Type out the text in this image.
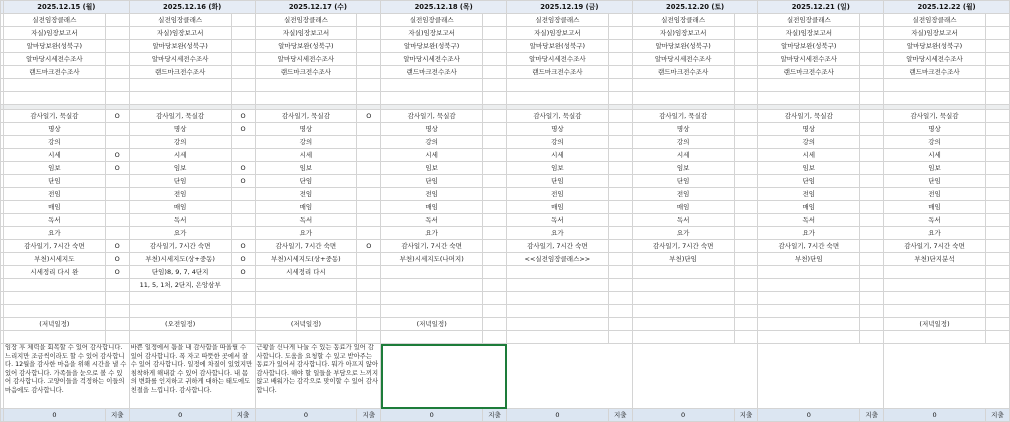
	2025.12.15 (월)		2025.12.16 (화)		2025.12.17 (수)		2025.12.18 (목)		2025.12.19 (금)		2025.12.20 (토)		2025.12.21 (일)		2025.12.22 (월)	
	실전임장클래스		실전임장클래스		실전임장클래스		실전임장클래스		실전임장클래스		실전임장클래스		실전임장클래스		실전임장클래스	
	자실)임장보고서		자실)임장보고서		자실)임장보고서		자실)임장보고서		자실)임장보고서		자실)임장보고서		자실)임장보고서		자실)임장보고서	
	알마당보완(성북구)		알마당보완(성북구)		알마당보완(성북구)		알마당보완(성북구)		알마당보완(성북구)		알마당보완(성북구)		알마당보완(성북구)		알마당보완(성북구)	
	알마당시세전수조사		알마당시세전수조사		알마당시세전수조사		알마당시세전수조사		알마당시세전수조사		알마당시세전수조사		알마당시세전수조사		알마당시세전수조사	
	랜드마크전수조사		랜드마크전수조사		랜드마크전수조사		랜드마크전수조사		랜드마크전수조사		랜드마크전수조사		랜드마크전수조사		랜드마크전수조사	

	감사일기, 묵실감	O	감사일기, 묵실감	O	감사일기, 묵실감	O	감사일기, 묵실감		감사일기, 묵실감		감사일기, 묵실감		감사일기, 묵실감		감사일기, 묵실감	
	명상		명상	O	명상		명상		명상		명상		명상		명상	
	강의		강의		강의		강의		강의		강의		강의		강의	
	시세	O	시세		시세		시세		시세		시세		시세		시세	
	임보	O	임보	O	임보		임보		임보		임보		임보		임보	
	단임		단임	O	단임		단임		단임		단임		단임		단임	
	전임		전임		전임		전임		전임		전임		전임		전임	
	매임		매임		매임		매임		매임		매임		매임		매임	
	독서		독서		독서		독서		독서		독서		독서		독서	
	요가		요가		요가		요가		요가		요가		요가		요가	
	감사일기, 7시간 숙면	O	감사일기, 7시간 숙면	O	감사일기, 7시간 숙면	O	감사일기, 7시간 숙면		감사일기, 7시간 숙면		감사일기, 7시간 숙면		감사일기, 7시간 숙면		감사일기, 7시간 숙면	
	부천)시세지도	O	부천)시세지도(상+중동)	O	부천)시세지도(상+중동)		부천)시세지도(나머지)		<<실전임장클래스>>		부천)단임		부천)단임		부천)단지분석	
	시세정리 다시 완	O	단임)8, 9, 7, 4단지	O	시세정리 다시											
			11, 5, 1처, 2단지, 은앙삼부													

	(저녁일정)		(오전일정)		(저녁일정)		(저녁일정)								(저녁일정)	

	임장 후 체력을 회복할 수 있어 감사합니다. 느리지만 조금씩이라도 할 수 있어 감사합니다. 12월을 감사한 마음을 위해 시간을 낼 수 있어 감사합니다. 가족들을 눈으로 볼 수 있어 감사합니다. 고양이들을 걱정하는 이들의 마음에도 감사합니다.		바쁜 일정에서 틈을 내 감사함을 따올릴 수 있어 감사합니다. 폭 자고 따뜻한 곳에서 잘 수 있어 감사합니다. 일정에 차질이 있었지만 침착하게 해내갈 수 있어 감사합니다. 내 몸의 변화를 인지하고 귀하게 대하는 태도에도 친절을 느낍니다. 감사합니다.		근황을 신나게 나눌 수 있는 동료가 있어 감사합니다. 도움을 요청할 수 있고 받아주는 동료가 있어서 감사합니다. 뭐가 아프지 않아 감사합니다. 해야 할 일들을 부담으로 느끼지 않고 배워가는 감각으로 맞이할 수 있어 감사합니다.											
	0	지출	0	지출	0	지출	0	지출	0	지출	0	지출	0	지출	0	지출
